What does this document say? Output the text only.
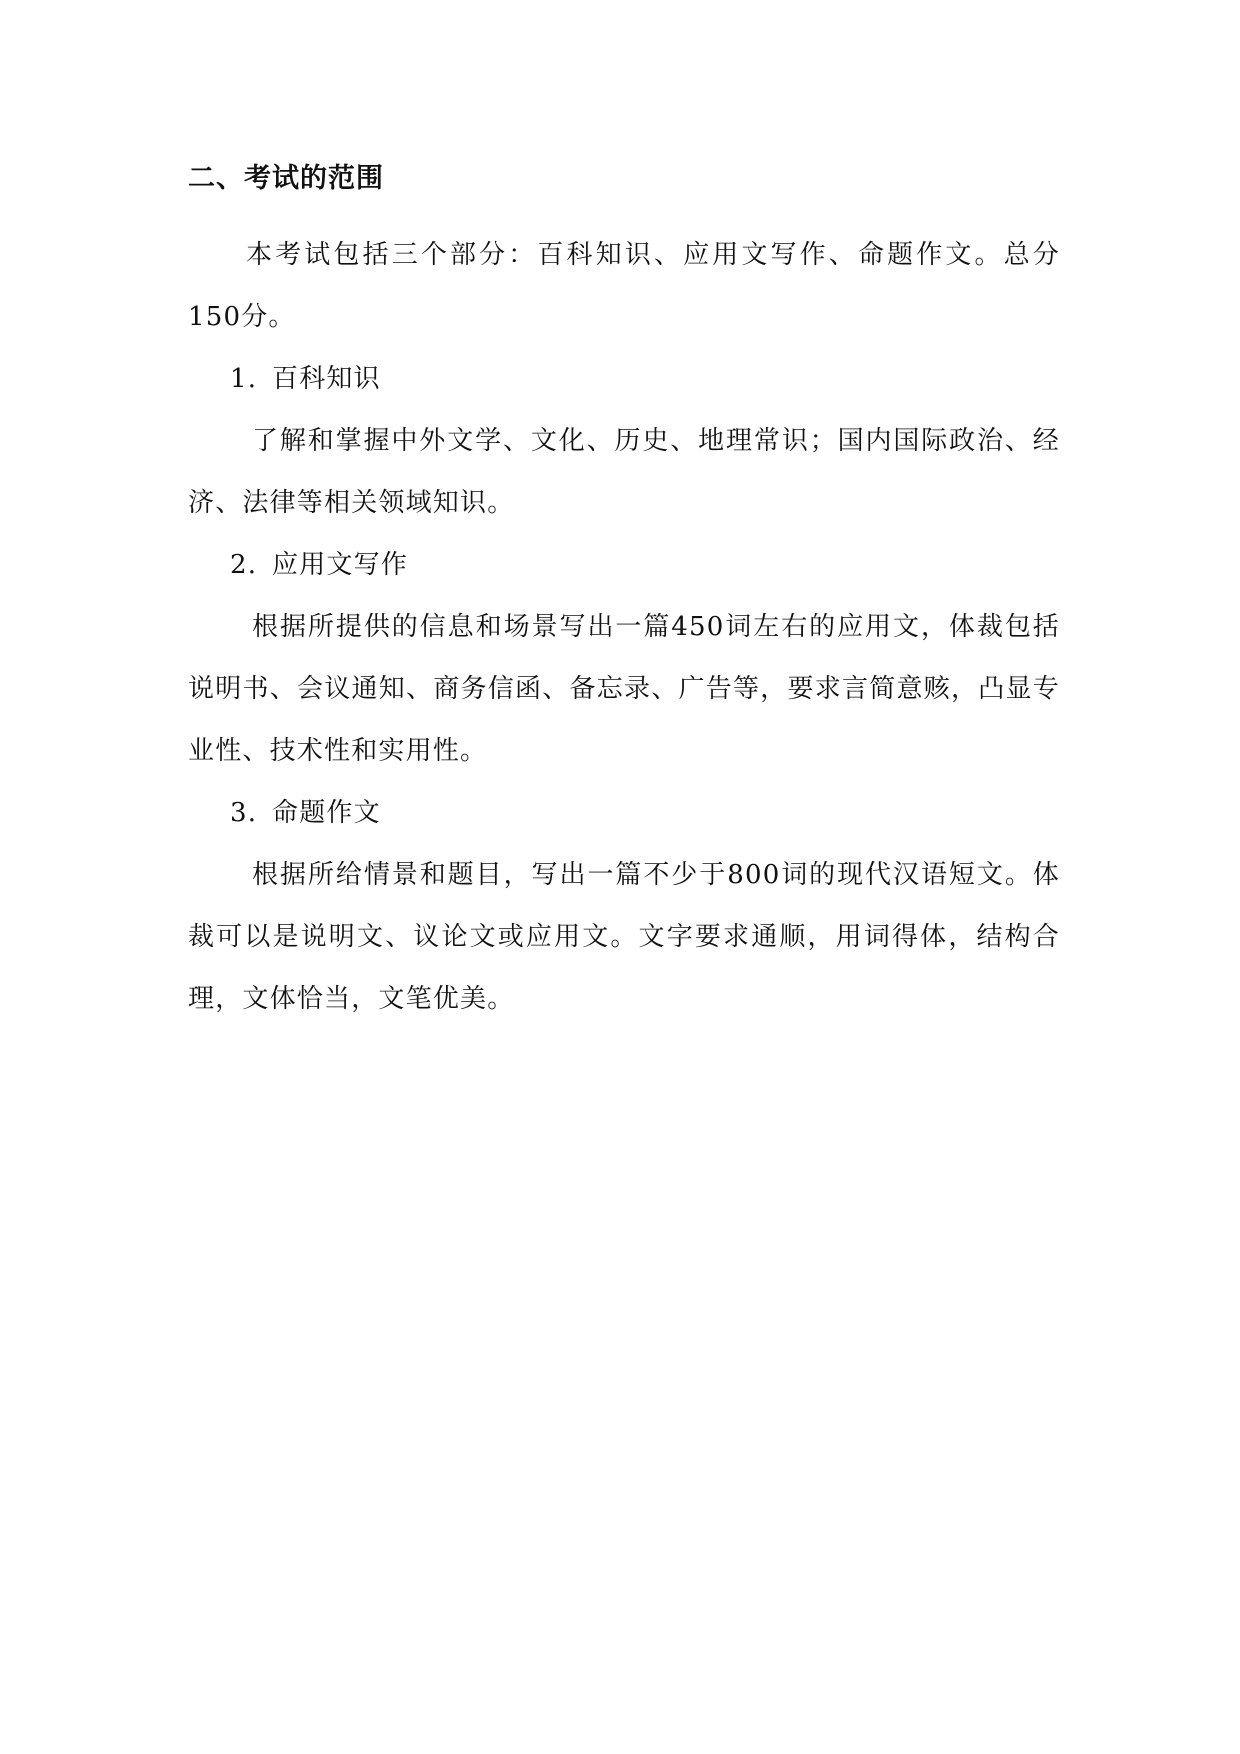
二、考试的范围

本考试包括三个部分：百科知识、应用文写作、命题作文。总分150分。

1. 百科知识

了解和掌握中外文学、文化、历史、地理常识；国内国际政治、经济、法律等相关领域知识。

2. 应用文写作

根据所提供的信息和场景写出一篇450词左右的应用文，体裁包括说明书、会议通知、商务信函、备忘录、广告等，要求言简意赅，凸显专业性、技术性和实用性。

3. 命题作文

根据所给情景和题目，写出一篇不少于800词的现代汉语短文。体裁可以是说明文、议论文或应用文。文字要求通顺，用词得体，结构合理，文体恰当，文笔优美。
